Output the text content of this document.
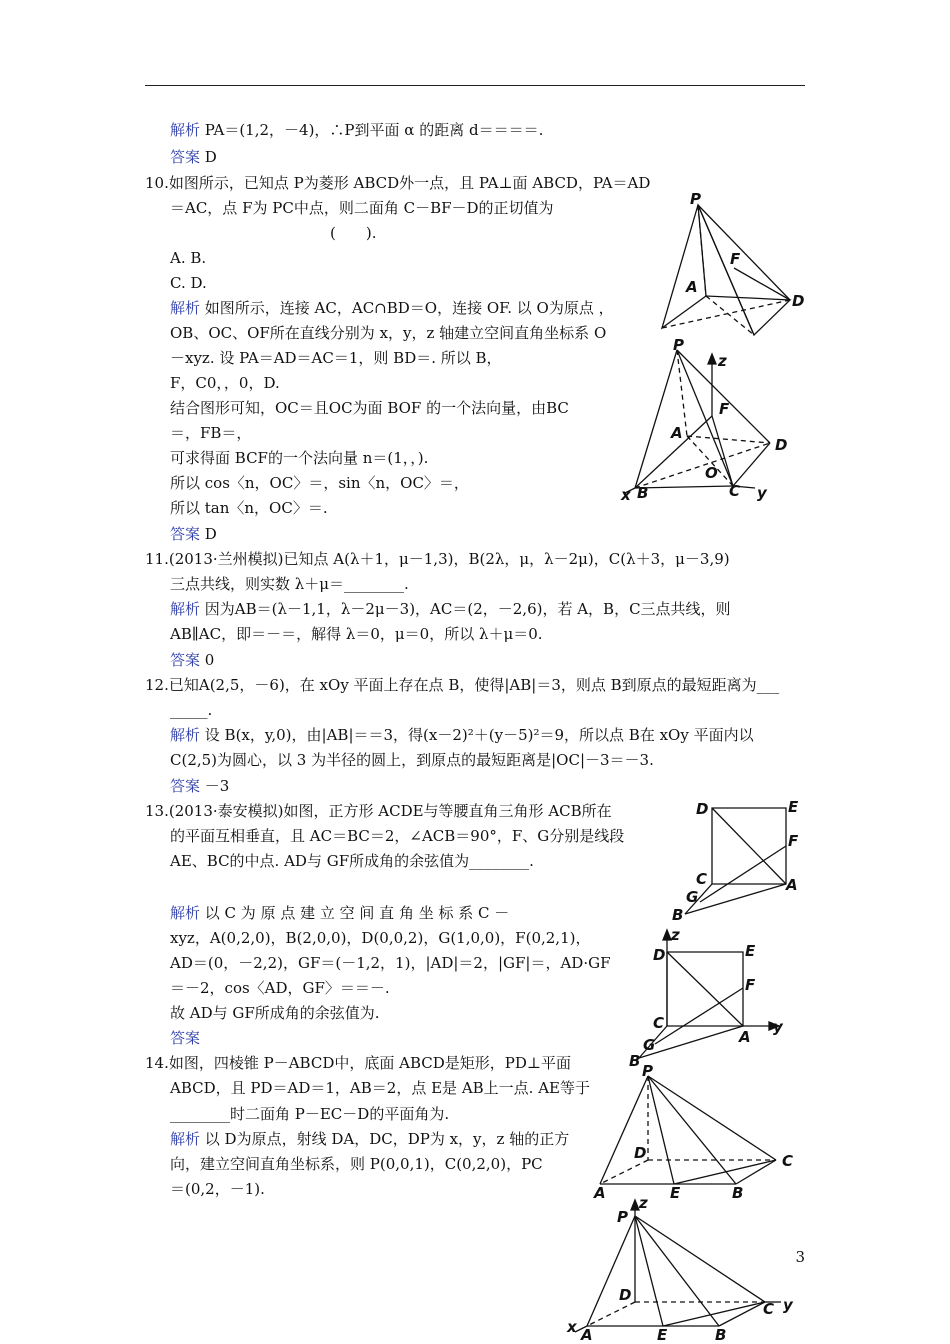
解析 PA＝(1,2，－4)，∴P到平面 α 的距离 d＝＝＝＝.
答案 D
10.如图所示，已知点 P为菱形 ABCD外一点，且 PA⊥面 ABCD，PA＝AD
＝AC，点 F为 PC中点，则二面角 C－BF－D的正切值为
(　　).
A. B.
C. D.
解析 如图所示，连接 AC，AC∩BD＝O，连接 OF. 以 O为原点 ，
OB、OC、OF所在直线分别为 x，y，z 轴建立空间直角坐标系 O
－xyz. 设 PA＝AD＝AC＝1，则 BD＝. 所以 B，
F，C0，，0，D.
结合图形可知，OC＝且OC为面 BOF 的一个法向量，由BC
＝，FB＝，
可求得面 BCF的一个法向量 n＝(1，，).
所以 cos〈n，OC〉＝，sin〈n，OC〉＝，
所以 tan〈n，OC〉＝.
答案 D
11.(2013·兰州模拟)已知点 A(λ＋1，μ－1,3)，B(2λ，μ，λ－2μ)，C(λ＋3，μ－3,9)
三点共线，则实数 λ＋μ＝________.
解析 因为AB＝(λ－1,1，λ－2μ－3)，AC＝(2，－2,6)，若 A，B，C三点共线，则
AB∥AC，即＝－＝，解得 λ＝0，μ＝0，所以 λ＋μ＝0.
答案 0
12.已知A(2,5，－6)，在 xOy 平面上存在点 B，使得|AB|＝3，则点 B到原点的最短距离为___
_____.
解析 设 B(x，y,0)，由|AB|＝＝3，得(x－2)²＋(y－5)²＝9，所以点 B在 xOy 平面内以
C(2,5)为圆心，以 3 为半径的圆上，到原点的最短距离是|OC|－3＝－3.
答案 －3
13.(2013·泰安模拟)如图，正方形 ACDE与等腰直角三角形 ACB所在
的平面互相垂直，且 AC＝BC＝2，∠ACB＝90°，F、G分别是线段
AE、BC的中点. AD与 GF所成角的余弦值为________.
解析 以 C 为 原 点 建 立 空 间 直 角 坐 标 系 C －
xyz，A(0,2,0)，B(2,0,0)，D(0,0,2)，G(1,0,0)，F(0,2,1)，
AD＝(0，－2,2)，GF＝(－1,2，1)，|AD|＝2，|GF|＝，AD·GF
＝－2，cos〈AD，GF〉＝＝－.
故 AD与 GF所成角的余弦值为.
答案
14.如图，四棱锥 P－ABCD中，底面 ABCD是矩形，PD⊥平面
ABCD，且 PD＝AD＝1，AB＝2，点 E是 AB上一点. AE等于
________时二面角 P－EC－D的平面角为.
解析 以 D为原点，射线 DA，DC，DP为 x，y，z 轴的正方
向，建立空间直角坐标系，则 P(0,0,1)，C(0,2,0)，PC
＝(0,2，－1).
P
F
A
D
P
z
F
A
D
O
x B	C y
D	E
F
C	A
G
B
z
D	E
F
C	y
A
G
B
P
D	C
A	E	B
z
P
D
C y
x A	E	B
3
